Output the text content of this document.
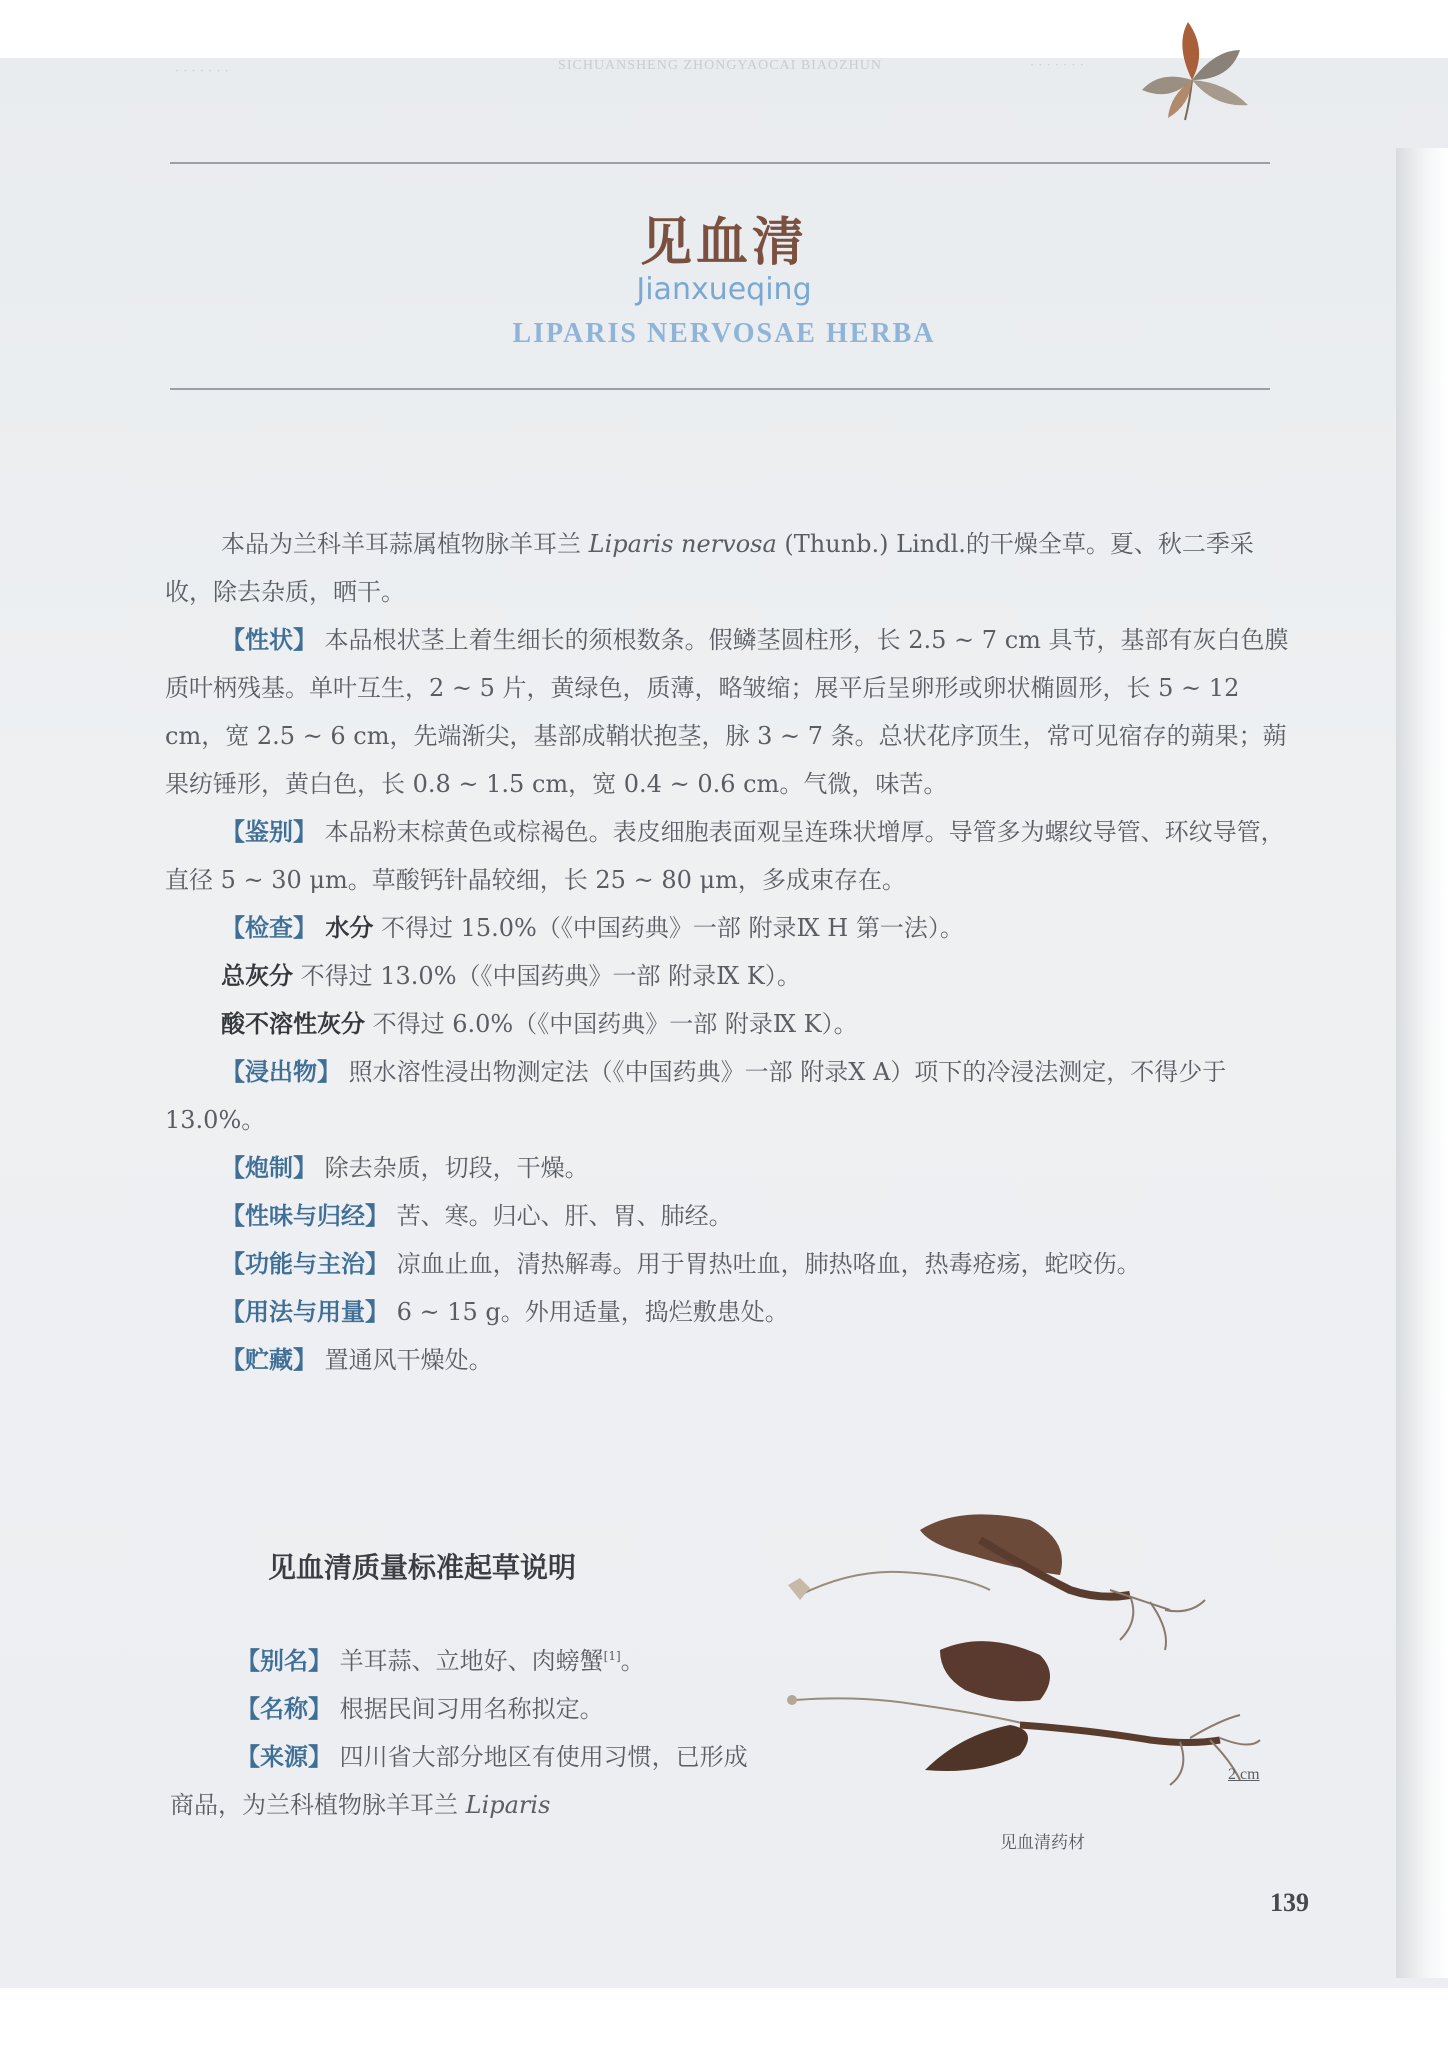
· · · · · · ·	SICHUANSHENG ZHONGYAOCAI BIAOZHUN	· · · · · · ·
见血清
Jianxueqing
LIPARIS NERVOSAE HERBA

本品为兰科羊耳蒜属植物脉羊耳兰 Liparis nervosa (Thunb.) Lindl.的干燥全草。夏、秋二季采收，除去杂质，晒干。

【性状】 本品根状茎上着生细长的须根数条。假鳞茎圆柱形，长 2.5 ~ 7 cm 具节，基部有灰白色膜质叶柄残基。单叶互生，2 ~ 5 片，黄绿色，质薄，略皱缩；展平后呈卵形或卵状椭圆形，长 5 ~ 12 cm，宽 2.5 ~ 6 cm，先端渐尖，基部成鞘状抱茎，脉 3 ~ 7 条。总状花序顶生，常可见宿存的蒴果；蒴果纺锤形，黄白色，长 0.8 ~ 1.5 cm，宽 0.4 ~ 0.6 cm。气微，味苦。

【鉴别】 本品粉末棕黄色或棕褐色。表皮细胞表面观呈连珠状增厚。导管多为螺纹导管、环纹导管，直径 5 ~ 30 μm。草酸钙针晶较细，长 25 ~ 80 μm，多成束存在。

【检查】 水分 不得过 15.0%（《中国药典》一部 附录Ⅸ H 第一法）。

总灰分 不得过 13.0%（《中国药典》一部 附录Ⅸ K）。

酸不溶性灰分 不得过 6.0%（《中国药典》一部 附录Ⅸ K）。

【浸出物】 照水溶性浸出物测定法（《中国药典》一部 附录Ⅹ A）项下的冷浸法测定，不得少于 13.0%。

【炮制】 除去杂质，切段，干燥。

【性味与归经】 苦、寒。归心、肝、胃、肺经。

【功能与主治】 凉血止血，清热解毒。用于胃热吐血，肺热咯血，热毒疮疡，蛇咬伤。

【用法与用量】 6 ~ 15 g。外用适量，捣烂敷患处。

【贮藏】 置通风干燥处。

见血清质量标准起草说明

【别名】 羊耳蒜、立地好、肉螃蟹[1]。

【名称】 根据民间习用名称拟定。

【来源】 四川省大部分地区有使用习惯，已形成商品，为兰科植物脉羊耳兰 Liparis

2 cm
见血清药材
139
